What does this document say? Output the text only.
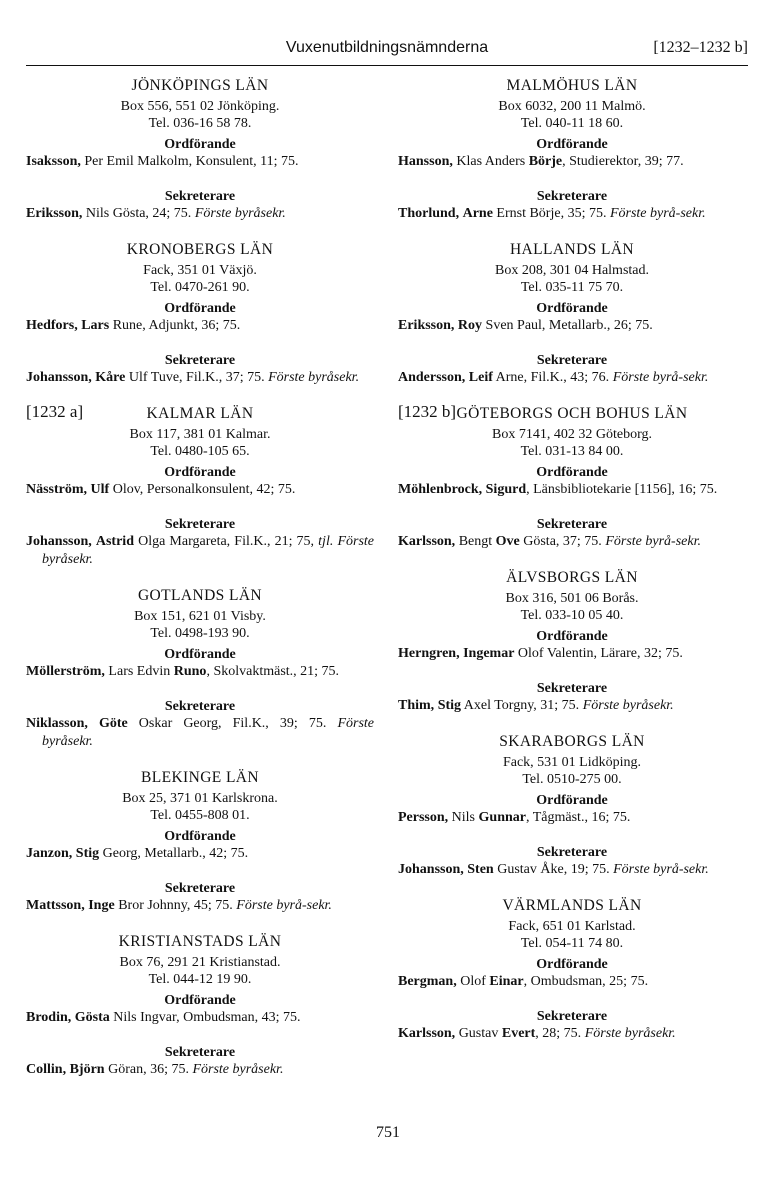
Vuxenutbildningsnämnderna	[1232–1232 b]
JÖNKÖPINGS LÄN
Box 556, 551 02 Jönköping.
Tel. 036-16 58 78.
Ordförande
Isaksson, Per Emil Malkolm, Konsulent, 11; 75.
Sekreterare
Eriksson, Nils Gösta, 24; 75. Förste byråsekr.
KRONOBERGS LÄN
Fack, 351 01 Växjö.
Tel. 0470-261 90.
Ordförande
Hedfors, Lars Rune, Adjunkt, 36; 75.
Sekreterare
Johansson, Kåre Ulf Tuve, Fil.K., 37; 75. Förste byråsekr.
[1232 a]	KALMAR LÄN
Box 117, 381 01 Kalmar.
Tel. 0480-105 65.
Ordförande
Näsström, Ulf Olov, Personalkonsulent, 42; 75.
Sekreterare
Johansson, Astrid Olga Margareta, Fil.K., 21; 75, tjl. Förste byråsekr.
GOTLANDS LÄN
Box 151, 621 01 Visby.
Tel. 0498-193 90.
Ordförande
Möllerström, Lars Edvin Runo, Skolvaktmäst., 21; 75.
Sekreterare
Niklasson, Göte Oskar Georg, Fil.K., 39; 75. Förste byråsekr.
BLEKINGE LÄN
Box 25, 371 01 Karlskrona.
Tel. 0455-808 01.
Ordförande
Janzon, Stig Georg, Metallarb., 42; 75.
Sekreterare
Mattsson, Inge Bror Johnny, 45; 75. Förste byrå-sekr.
KRISTIANSTADS LÄN
Box 76, 291 21 Kristianstad.
Tel. 044-12 19 90.
Ordförande
Brodin, Gösta Nils Ingvar, Ombudsman, 43; 75.
Sekreterare
Collin, Björn Göran, 36; 75. Förste byråsekr.
MALMÖHUS LÄN
Box 6032, 200 11 Malmö.
Tel. 040-11 18 60.
Ordförande
Hansson, Klas Anders Börje, Studierektor, 39; 77.
Sekreterare
Thorlund, Arne Ernst Börje, 35; 75. Förste byrå-sekr.
HALLANDS LÄN
Box 208, 301 04 Halmstad.
Tel. 035-11 75 70.
Ordförande
Eriksson, Roy Sven Paul, Metallarb., 26; 75.
Sekreterare
Andersson, Leif Arne, Fil.K., 43; 76. Förste byrå-sekr.
[1232 b] GÖTEBORGS OCH BOHUS LÄN
Box 7141, 402 32 Göteborg.
Tel. 031-13 84 00.
Ordförande
Möhlenbrock, Sigurd, Länsbibliotekarie [1156], 16; 75.
Sekreterare
Karlsson, Bengt Ove Gösta, 37; 75. Förste byrå-sekr.
ÄLVSBORGS LÄN
Box 316, 501 06 Borås.
Tel. 033-10 05 40.
Ordförande
Herngren, Ingemar Olof Valentin, Lärare, 32; 75.
Sekreterare
Thim, Stig Axel Torgny, 31; 75. Förste byråsekr.
SKARABORGS LÄN
Fack, 531 01 Lidköping.
Tel. 0510-275 00.
Ordförande
Persson, Nils Gunnar, Tågmäst., 16; 75.
Sekreterare
Johansson, Sten Gustav Åke, 19; 75. Förste byrå-sekr.
VÄRMLANDS LÄN
Fack, 651 01 Karlstad.
Tel. 054-11 74 80.
Ordförande
Bergman, Olof Einar, Ombudsman, 25; 75.
Sekreterare
Karlsson, Gustav Evert, 28; 75. Förste byråsekr.
751
